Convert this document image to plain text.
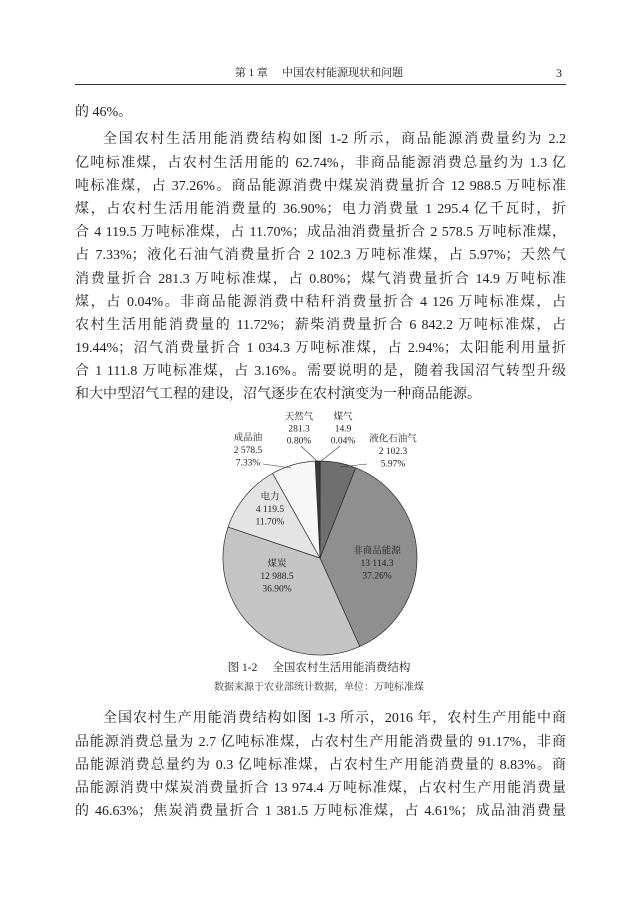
第 1 章 中国农村能源现状和问题	3
的 46%。
全国农村生活用能消费结构如图 1-2 所示，商品能源消费量约为 2.2
亿吨标准煤，占农村生活用能的 62.74%，非商品能源消费总量约为 1.3 亿
吨标准煤，占 37.26%。商品能源消费中煤炭消费量折合 12 988.5 万吨标准
煤，占农村生活用能消费量的 36.90%；电力消费量 1 295.4 亿千瓦时，折
合 4 119.5 万吨标准煤，占 11.70%；成品油消费量折合 2 578.5 万吨标准煤，
占 7.33%；液化石油气消费量折合 2 102.3 万吨标准煤，占 5.97%；天然气
消费量折合 281.3 万吨标准煤，占 0.80%；煤气消费量折合 14.9 万吨标准
煤，占 0.04%。非商品能源消费中秸秆消费量折合 4 126 万吨标准煤，占
农村生活用能消费量的 11.72%；薪柴消费量折合 6 842.2 万吨标准煤，占
19.44%；沼气消费量折合 1 034.3 万吨标准煤，占 2.94%；太阳能利用量折
合 1 111.8 万吨标准煤，占 3.16%。需要说明的是，随着我国沼气转型升级
和大中型沼气工程的建设，沼气逐步在农村演变为一种商品能源。
天然气
281.3
0.80%
煤气
14.9
0.04% 液化石油气
2 102.3
5.97%
非商品能源
13 114.3
37.26%
煤炭
12 988.5
36.90%
电力
4 119.5
11.70%
成品油
2 578.5
7.33%
图 1-2 全国农村生活用能消费结构
数据来源于农业部统计数据，单位：万吨标准煤
全国农村生产用能消费结构如图 1-3 所示，2016 年，农村生产用能中商
品能源消费总量为 2.7 亿吨标准煤，占农村生产用能消费量的 91.17%，非商
品能源消费总量约为 0.3 亿吨标准煤，占农村生产用能消费量的 8.83%。商
品能源消费中煤炭消费量折合 13 974.4 万吨标准煤，占农村生产用能消费量
的 46.63%；焦炭消费量折合 1 381.5 万吨标准煤，占 4.61%；成品油消费量
